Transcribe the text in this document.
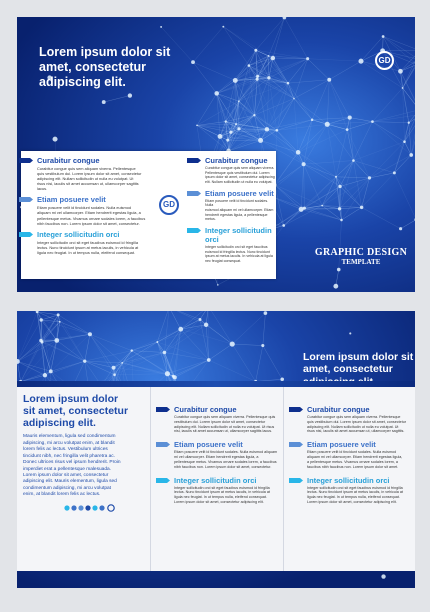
Lorem ipsum dolor sit
amet, consectetur
adipiscing elit.
GD
GD
Curabitur congue
Curabitur congue quis sem aliquam viverra. Pellentesque
quis vestibulum dui. Lorem ipsum dolor sit amet, consectetur
adipiscing elit. Nullam sollicitudin ut nulla eu volutpat. Ut
risus nisi, iaculis sit amet accumsan ut, ullamcorper sagittis lacus.
Etiam posuere velit
Etiam posuere velit id tincidunt sodales. Nulla euismod
aliquam mi vel ullamcorper. Etiam hendrerit egestas ligula, a
pellentesque metus. Vivamus ornare sodales lorem, a faucibus
nibh faucibus non. Lorem ipsum dolor sit amet, consectetur.
Integer sollicitudin orci
Integer sollicitudin orci sit eget faucibus euismod id fringilla
lectus. Nunc tincidunt ipsum at metus iaculis, in vehicula at
ligula nec feugiat. In ut tempus nulla, eleifend consequat.
Curabitur congue
Curabitur congue quis sem aliquam viverra.
Pellentesque quis vestibulum dui. Lorem
ipsum dolor sit amet, consectetur adipiscing
elit. Nullam sollicitudin ut nulla eu volutpat.
Etiam posuere velit
Etiam posuere velit id tincidunt sodales. Nulla
euismod aliquam mi vel ullamcorper. Etiam
hendrerit egestas ligula, a pellentesque metus.
Integer sollicitudin orci
Integer sollicitudin orci sit eget faucibus
euismod id fringilla lectus. Nunc tincidunt
ipsum at metus iaculis. In vehicula at ligula
nec feugiat consequat.
GRAPHIC DESIGN
TEMPLATE
Lorem ipsum dolor sit
amet, consectetur
Lorem ipsum dolor
sit amet, consectetur
adipiscing elit.
Mauris elementum, ligula sed condimentum
adipiscing, mi arcu volutpat enim, at blandit
lorem felis ac lectus. Vestibulum ultrices
tincidunt nibh, nec fringilla velit pharetra ac.
Donec ultrices risus vel ipsum hendrerit. Proin
imperdiet erat a pellentesque malesuada.
Lorem ipsum dolor sit amet, consectetur
adipiscing elit. Mauris elementum, ligula sed
condimentum adipiscing, mi arcu volutpat
enim, at blandit lorem felis ac lectus.
Curabitur congue
Curabitur congue quis sem aliquam viverra. Pellentesque quis
vestibulum dui. Lorem ipsum dolor sit amet, consectetur
adipiscing elit. Nullam sollicitudin ut nulla eu volutpat. Ut risus
nisi, iaculis sit amet accumsan ut, ullamcorper sagittis lacus.
Etiam posuere velit
Etiam posuere velit id tincidunt sodales. Nulla euismod aliquam
mi vel ullamcorper. Etiam hendrerit egestas ligula, a
pellentesque metus. Vivamus ornare sodales lorem, a faucibus
nibh faucibus non. Lorem ipsum dolor sit amet, consectetur.
Integer sollicitudin orci
Integer sollicitudin orci sit eget faucibus euismod id fringilla
lectus. Nunc tincidunt ipsum at metus iaculis, in vehicula at
ligula nec feugiat. In ut tempus nulla, eleifend consequat.
Lorem ipsum dolor sit amet, consectetur adipiscing elit.
Curabitur congue
Curabitur congue quis sem aliquam viverra. Pellentesque
quis vestibulum dui. Lorem ipsum dolor sit amet, consectetur
adipiscing elit. Nullam sollicitudin ut nulla eu volutpat. Ut
risus nisi, iaculis sit amet accumsan ut, ullamcorper sagittis.
Etiam posuere velit
Etiam posuere velit id tincidunt sodales. Nulla euismod
aliquam mi vel ullamcorper. Etiam hendrerit egestas ligula,
a pellentesque metus. Vivamus ornare sodales lorem, a
faucibus nibh faucibus non. Lorem ipsum dolor sit amet.
Integer sollicitudin orci
Integer sollicitudin orci sit eget faucibus euismod id fringilla
lectus. Nunc tincidunt ipsum at metus iaculis, in vehicula at
ligula nec feugiat. In ut tempus nulla, eleifend consequat.
Lorem ipsum dolor sit amet, consectetur adipiscing elit.
